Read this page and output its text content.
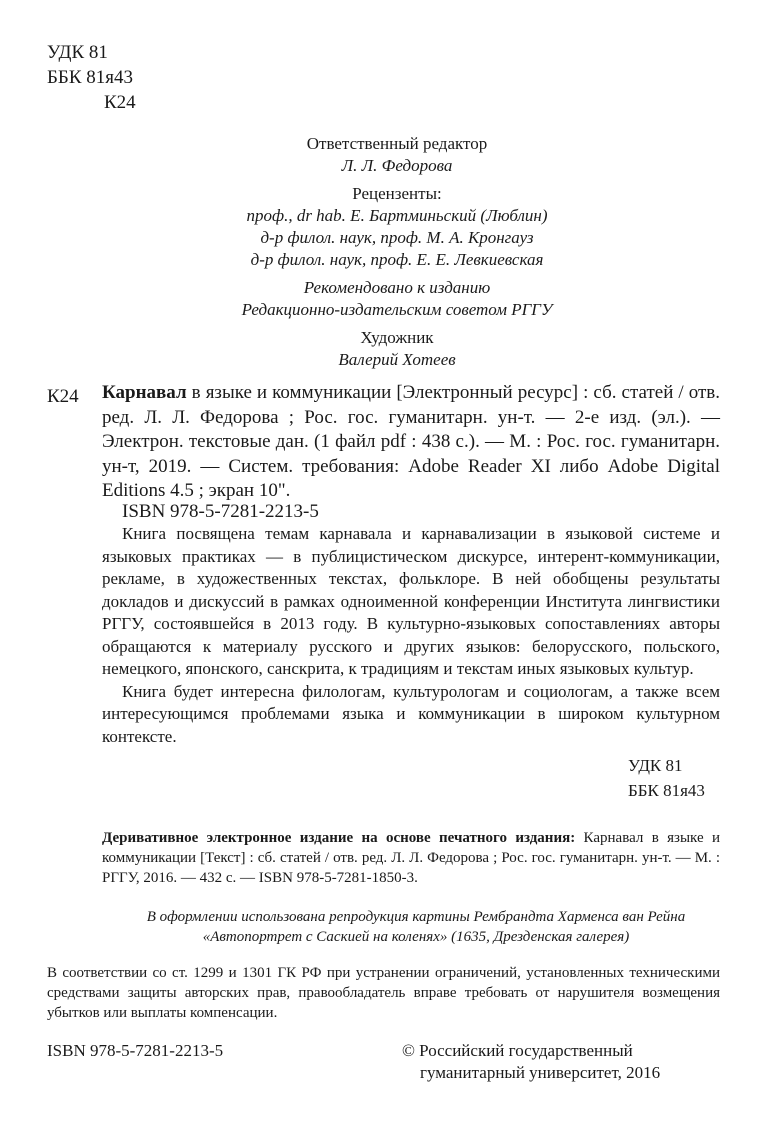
УДК 81
ББК 81я43
К24
Ответственный редактор
Л. Л. Федорова
Рецензенты:
проф., dr hab. Е. Бартминьский (Люблин)
д-р филол. наук, проф. М. А. Кронгауз
д-р филол. наук, проф. Е. Е. Левкиевская
Рекомендовано к изданию
Редакционно-издательским советом РГГУ
Художник
Валерий Хотеев
К24 Карнавал в языке и коммуникации [Электронный ресурс] : сб. статей / отв. ред. Л. Л. Федорова ; Рос. гос. гуманитарн. ун-т. — 2-е изд. (эл.). — Электрон. текстовые дан. (1 файл pdf : 438 с.). — М. : Рос. гос. гуманитарн. ун-т, 2019. — Систем. требования: Adobe Reader XI либо Adobe Digital Editions 4.5 ; экран 10".
ISBN 978-5-7281-2213-5

Книга посвящена темам карнавала и карнавализации в языковой системе и языковых практиках — в публицистическом дискурсе, интерент-коммуникации, рекламе, в художественных текстах, фольклоре. В ней обобщены результаты докладов и дискуссий в рамках одноименной конференции Института лингвистики РГГУ, состоявшейся в 2013 году. В культурно-языковых сопоставлениях авторы обращаются к материалу русского и других языков: белорусского, польского, немецкого, японского, санскрита, к традициям и текстам иных языковых культур.

Книга будет интересна филологам, культурологам и социологам, а также всем интересующимся проблемами языка и коммуникации в широком культурном контексте.

УДК 81
ББК 81я43
Деривативное электронное издание на основе печатного издания: Карнавал в языке и коммуникации [Текст] : сб. статей / отв. ред. Л. Л. Федорова ; Рос. гос. гуманитарн. ун-т. — М. : РГГУ, 2016. — 432 с. — ISBN 978-5-7281-1850-3.
В оформлении использована репродукция картины Рембрандта Харменса ван Рейна
«Автопортрет с Саскией на коленях» (1635, Дрезденская галерея)
В соответствии со ст. 1299 и 1301 ГК РФ при устранении ограничений, установленных техническими средствами защиты авторских прав, правообладатель вправе требовать от нарушителя возмещения убытков или выплаты компенсации.
ISBN 978-5-7281-2213-5	© Российский государственный
гуманитарный университет, 2016
